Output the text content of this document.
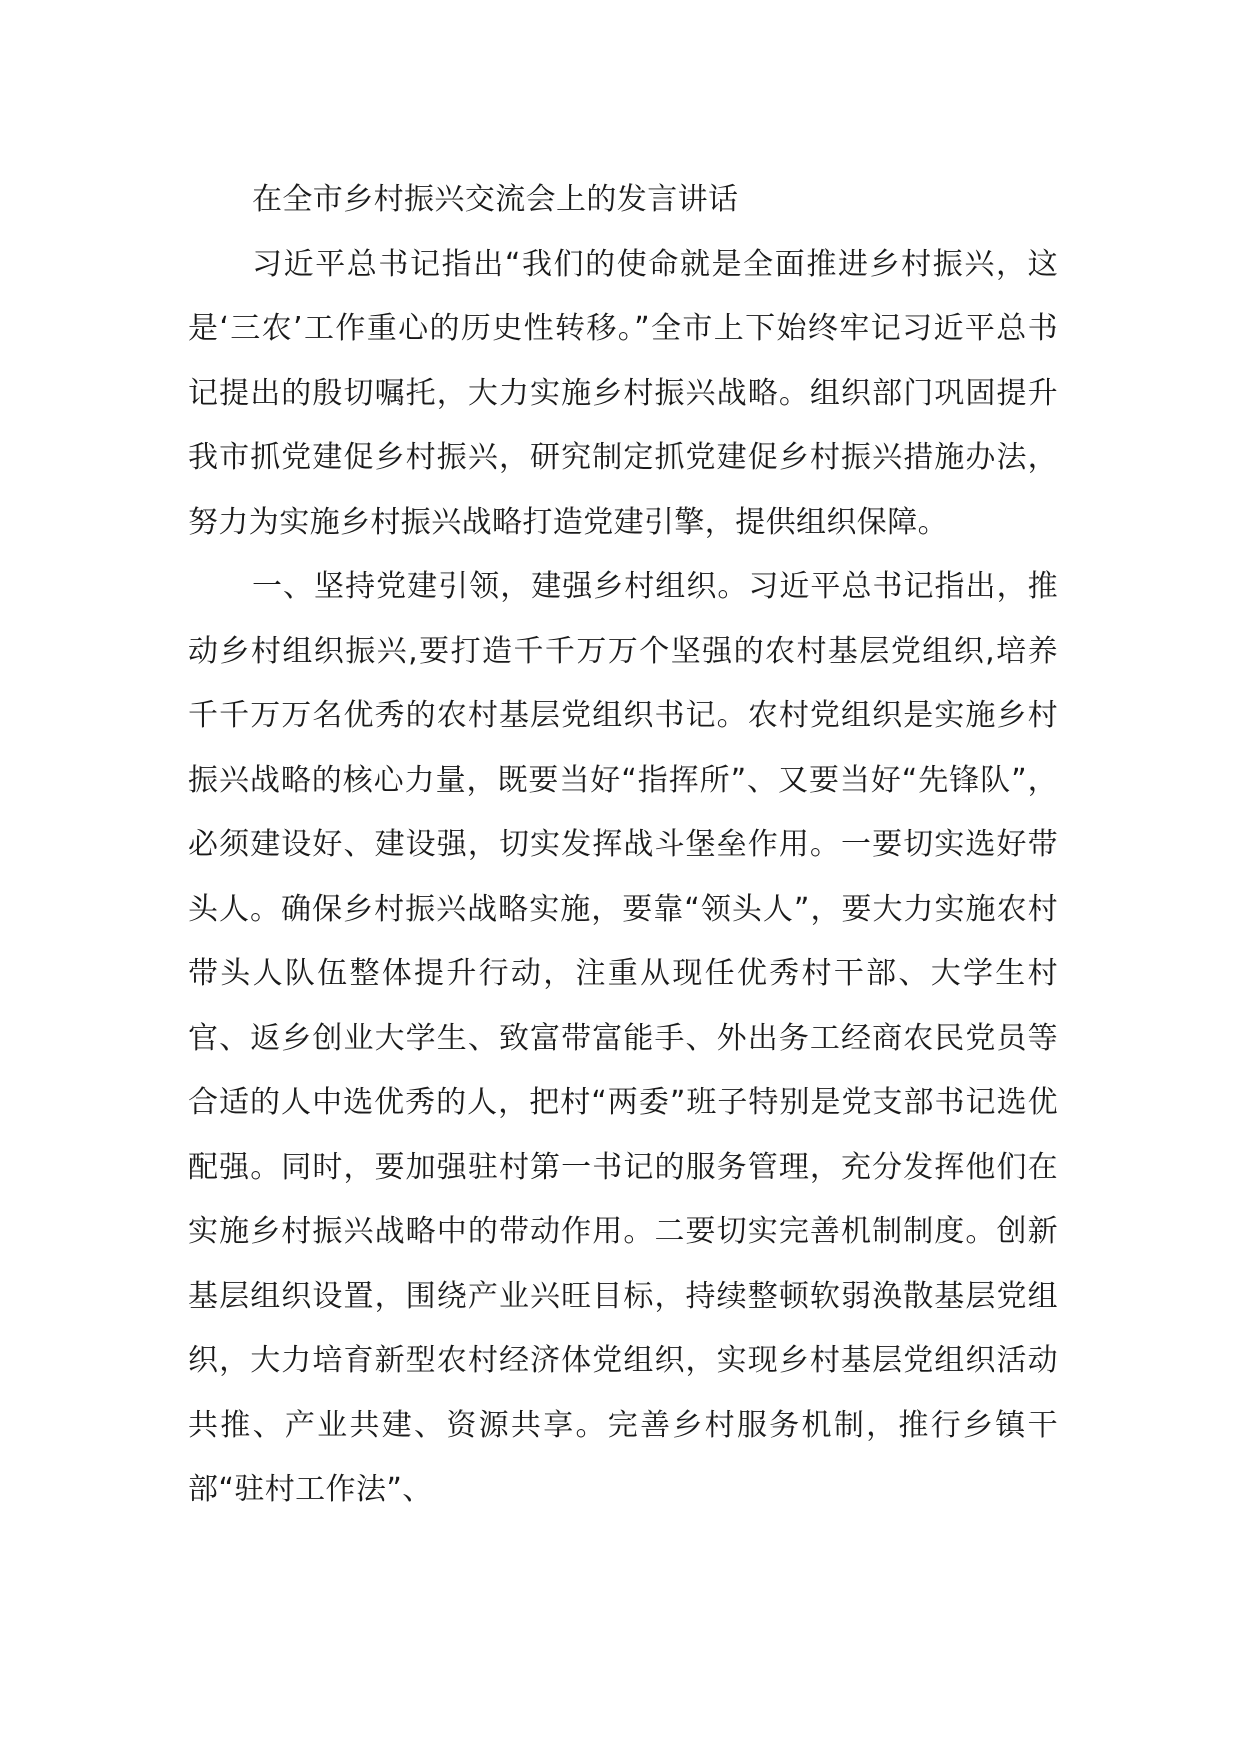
在全市乡村振兴交流会上的发言讲话

习近平总书记指出“我们的使命就是全面推进乡村振兴，这是‘三农’工作重心的历史性转移。”全市上下始终牢记习近平总书记提出的殷切嘱托，大力实施乡村振兴战略。组织部门巩固提升我市抓党建促乡村振兴，研究制定抓党建促乡村振兴措施办法，努力为实施乡村振兴战略打造党建引擎，提供组织保障。

一、坚持党建引领，建强乡村组织。习近平总书记指出，推动乡村组织振兴,要打造千千万万个坚强的农村基层党组织,培养千千万万名优秀的农村基层党组织书记。农村党组织是实施乡村振兴战略的核心力量，既要当好“指挥所”、又要当好“先锋队”，必须建设好、建设强，切实发挥战斗堡垒作用。一要切实选好带头人。确保乡村振兴战略实施，要靠“领头人”，要大力实施农村带头人队伍整体提升行动，注重从现任优秀村干部、大学生村官、返乡创业大学生、致富带富能手、外出务工经商农民党员等合适的人中选优秀的人，把村“两委”班子特别是党支部书记选优配强。同时，要加强驻村第一书记的服务管理，充分发挥他们在实施乡村振兴战略中的带动作用。二要切实完善机制制度。创新基层组织设置，围绕产业兴旺目标，持续整顿软弱涣散基层党组织，大力培育新型农村经济体党组织，实现乡村基层党组织活动共推、产业共建、资源共享。完善乡村服务机制，推行乡镇干部“驻村工作法”、
